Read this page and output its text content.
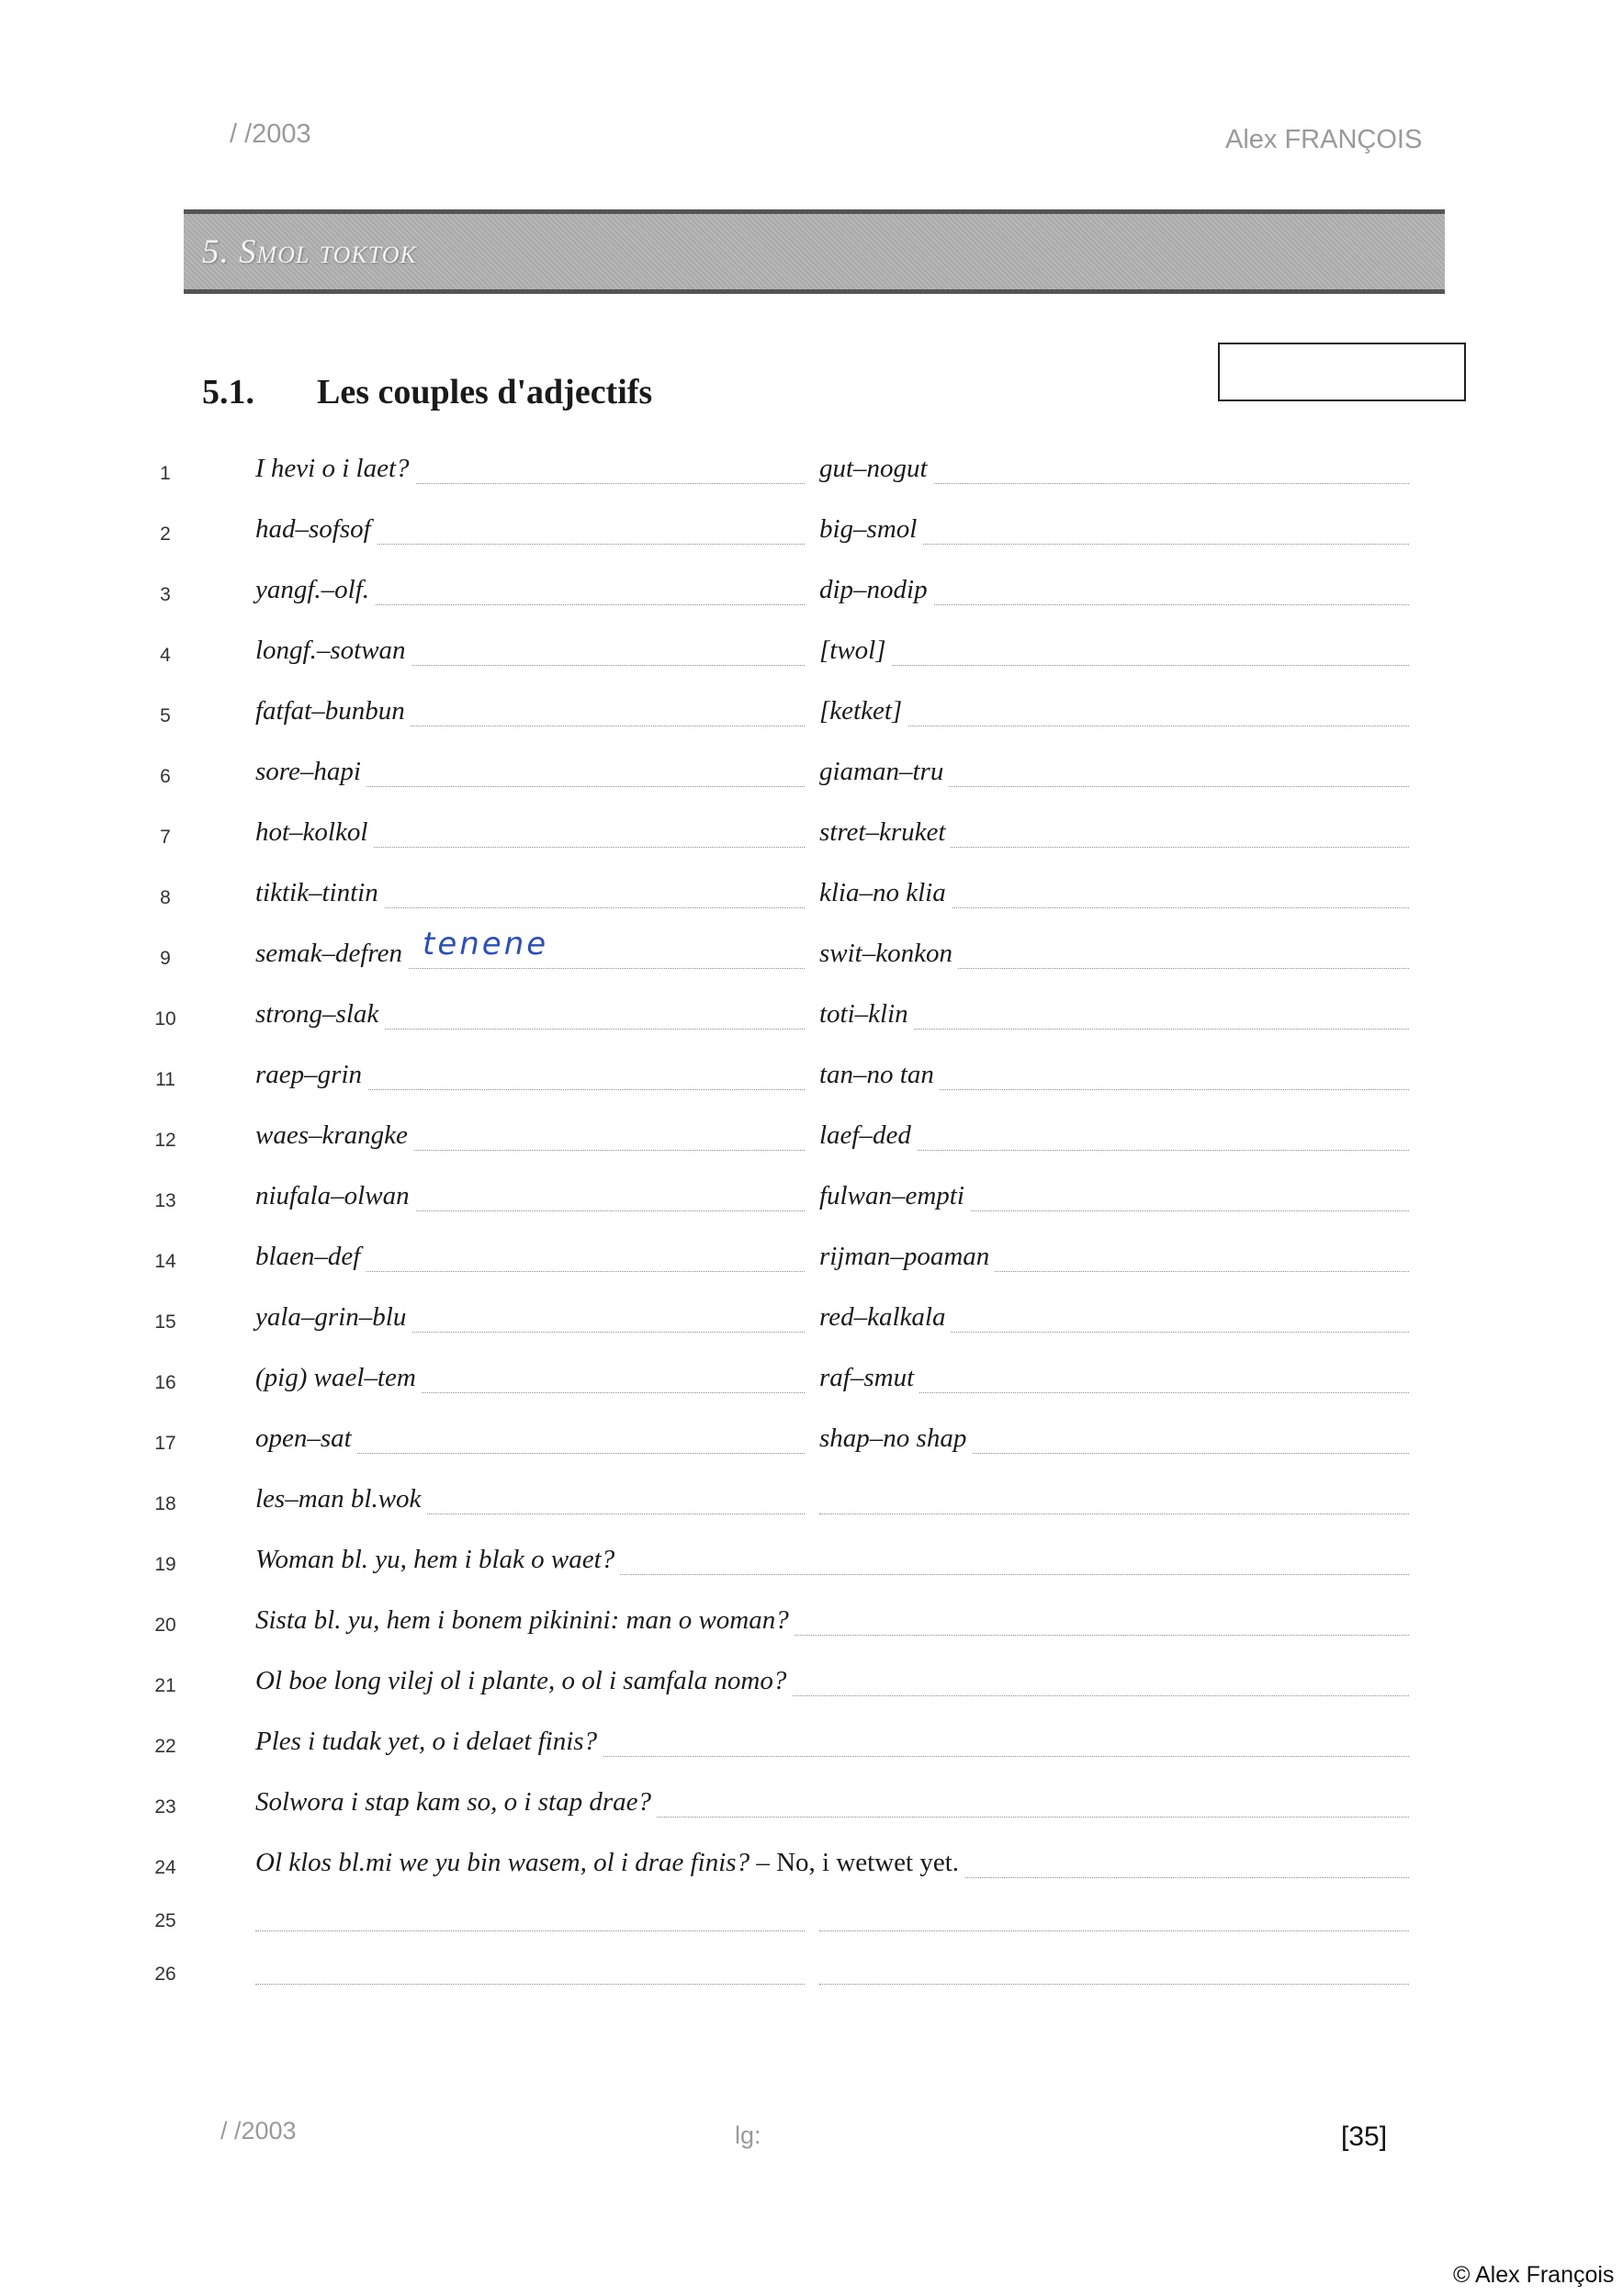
/ /2003	Alex FRANÇOIS
5. Smol toktok
5.1. Les couples d'adjectifs
1	I hevi o i laet?	gut–nogut
2	had–sofsof	big–smol
3	yangf.–olf.	dip–nodip
4	longf.–sotwan	[twol]
5	fatfat–bunbun	[ketket]
6	sore–hapi	giaman–tru
7	hot–kolkol	stret–kruket
8	tiktik–tintin	klia–no klia
9	semak–defren	swit–konkon
tenene
10	strong–slak	toti–klin
11	raep–grin	tan–no tan
12	waes–krangke	laef–ded
13	niufala–olwan	fulwan–empti
14	blaen–def	rijman–poaman
15	yala–grin–blu	red–kalkala
16	(pig) wael–tem	raf–smut
17	open–sat	shap–no shap
18	les–man bl.wok
19	Woman bl. yu, hem i blak o waet?
20	Sista bl. yu, hem i bonem pikinini: man o woman?
21	Ol boe long vilej ol i plante, o ol i samfala nomo?
22	Ples i tudak yet, o i delaet finis?
23	Solwora i stap kam so, o i stap drae?
24	Ol klos bl.mi we yu bin wasem, ol i drae finis? – No, i wetwet yet.
25
26
/ /2003	lg:	[35]
© Alex François
